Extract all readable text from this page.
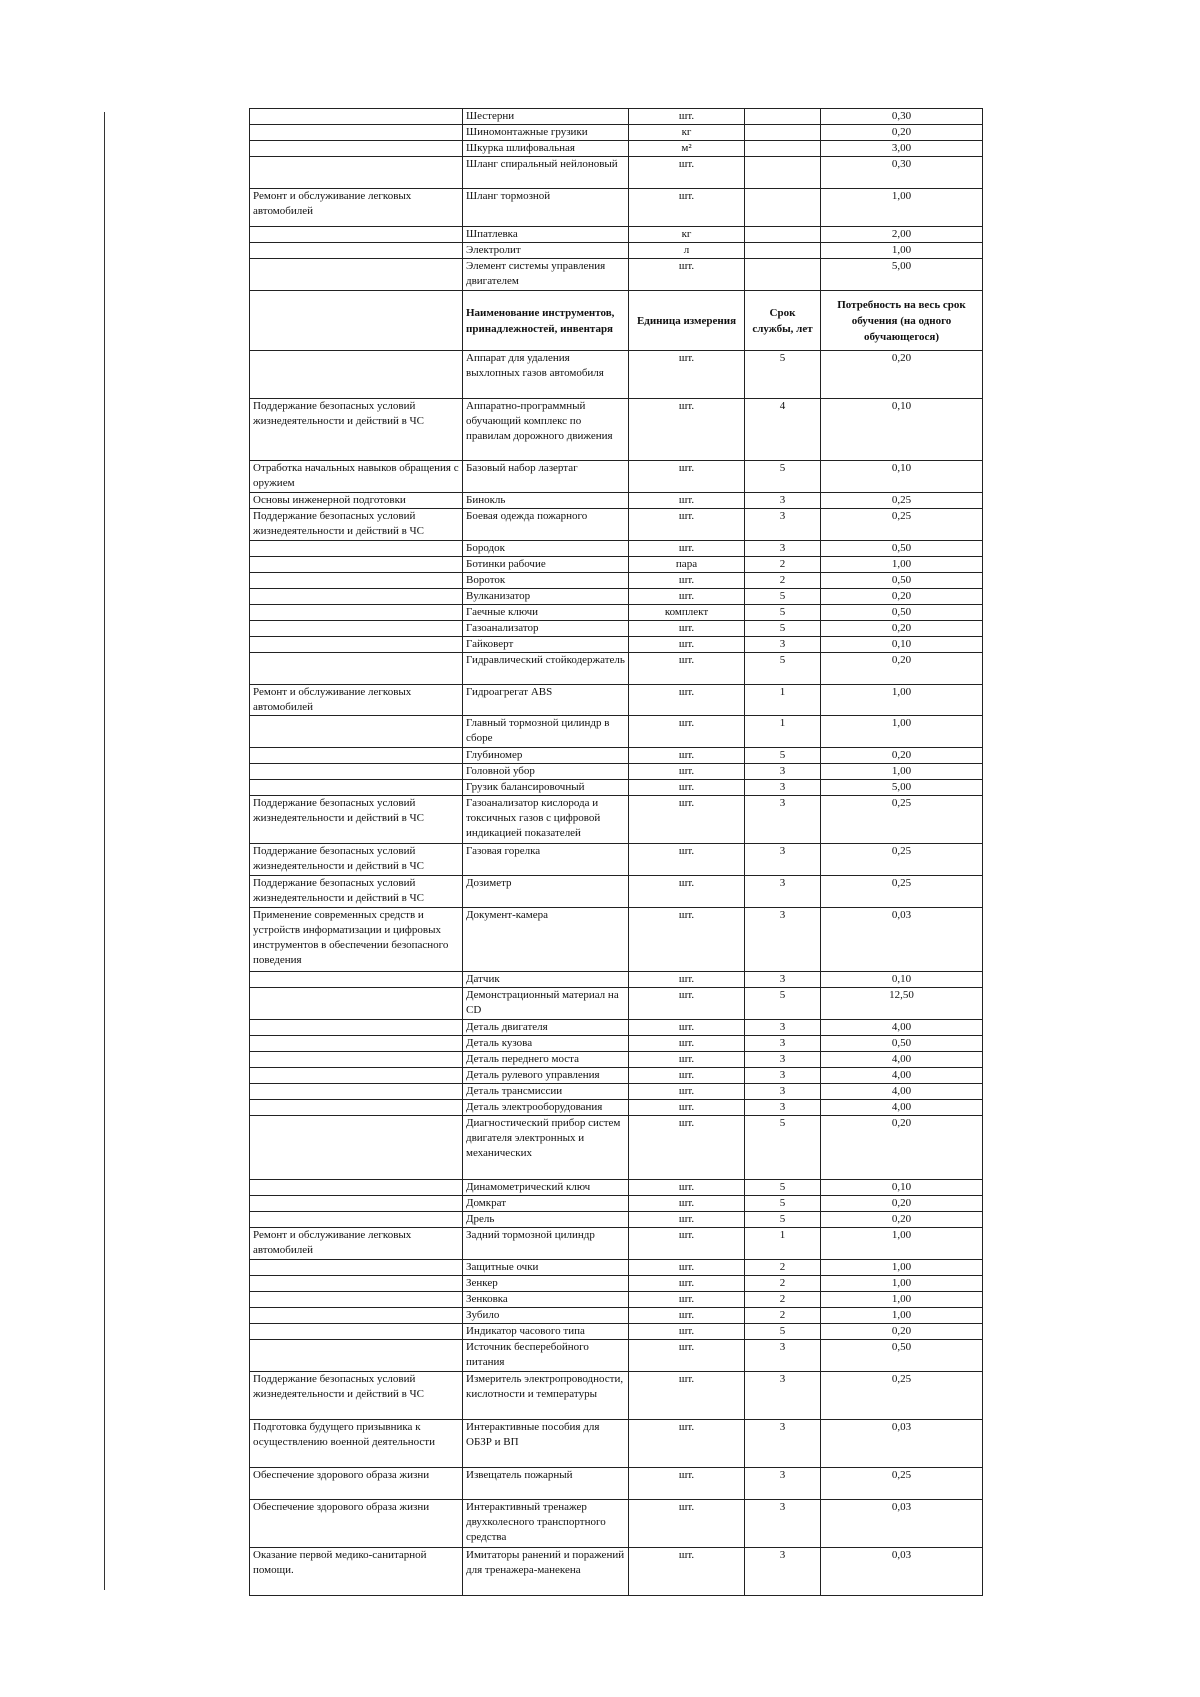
	Шестерни	шт.		0,30
	Шиномонтажные грузики	кг		0,20
	Шкурка шлифовальная	м²		3,00
	Шланг спиральный нейлоновый	шт.		0,30
Ремонт и обслуживание легковых автомобилей	Шланг тормозной	шт.		1,00
	Шпатлевка	кг		2,00
	Электролит	л		1,00
	Элемент системы управления двигателем	шт.		5,00
	Наименование инструментов, принадлежностей, инвентаря	Единица измерения	Срок службы, лет	Потребность на весь срок обучения (на одного обучающегося)
	Аппарат для удаления выхлопных газов автомобиля	шт.	5	0,20
Поддержание безопасных условий жизнедеятельности и действий в ЧС	Аппаратно-программный обучающий комплекс по правилам дорожного движения	шт.	4	0,10
Отработка начальных навыков обращения с оружием	Базовый набор лазертаг	шт.	5	0,10
Основы инженерной подготовки	Бинокль	шт.	3	0,25
Поддержание безопасных условий жизнедеятельности и действий в ЧС	Боевая одежда пожарного	шт.	3	0,25
	Бородок	шт.	3	0,50
	Ботинки рабочие	пара	2	1,00
	Вороток	шт.	2	0,50
	Вулканизатор	шт.	5	0,20
	Гаечные ключи	комплект	5	0,50
	Газоанализатор	шт.	5	0,20
	Гайковерт	шт.	3	0,10
	Гидравлический стойкодержатель	шт.	5	0,20
Ремонт и обслуживание легковых автомобилей	Гидроагрегат ABS	шт.	1	1,00
	Главный тормозной цилиндр в сборе	шт.	1	1,00
	Глубиномер	шт.	5	0,20
	Головной убор	шт.	3	1,00
	Грузик балансировочный	шт.	3	5,00
Поддержание безопасных условий жизнедеятельности и действий в ЧС	Газоанализатор кислорода и токсичных газов с цифровой индикацией показателей	шт.	3	0,25
Поддержание безопасных условий жизнедеятельности и действий в ЧС	Газовая горелка	шт.	3	0,25
Поддержание безопасных условий жизнедеятельности и действий в ЧС	Дозиметр	шт.	3	0,25
Применение современных средств и устройств информатизации и цифровых инструментов в обеспечении безопасного поведения	Документ-камера	шт.	3	0,03
	Датчик	шт.	3	0,10
	Демонстрационный материал на CD	шт.	5	12,50
	Деталь двигателя	шт.	3	4,00
	Деталь кузова	шт.	3	0,50
	Деталь переднего моста	шт.	3	4,00
	Деталь рулевого управления	шт.	3	4,00
	Деталь трансмиссии	шт.	3	4,00
	Деталь электрооборудования	шт.	3	4,00
	Диагностический прибор систем двигателя электронных и механических	шт.	5	0,20
	Динамометрический ключ	шт.	5	0,10
	Домкрат	шт.	5	0,20
	Дрель	шт.	5	0,20
Ремонт и обслуживание легковых автомобилей	Задний тормозной цилиндр	шт.	1	1,00
	Защитные очки	шт.	2	1,00
	Зенкер	шт.	2	1,00
	Зенковка	шт.	2	1,00
	Зубило	шт.	2	1,00
	Индикатор часового типа	шт.	5	0,20
	Источник бесперебойного питания	шт.	3	0,50
Поддержание безопасных условий жизнедеятельности и действий в ЧС	Измеритель электропроводности, кислотности и температуры	шт.	3	0,25
Подготовка будущего призывника к осуществлению военной деятельности	Интерактивные пособия для ОБЗР и ВП	шт.	3	0,03
Обеспечение здорового образа жизни	Извещатель пожарный	шт.	3	0,25
Обеспечение здорового образа жизни	Интерактивный тренажер двухколесного транспортного средства	шт.	3	0,03
Оказание первой медико-санитарной помощи.	Имитаторы ранений и поражений для тренажера-манекена	шт.	3	0,03
